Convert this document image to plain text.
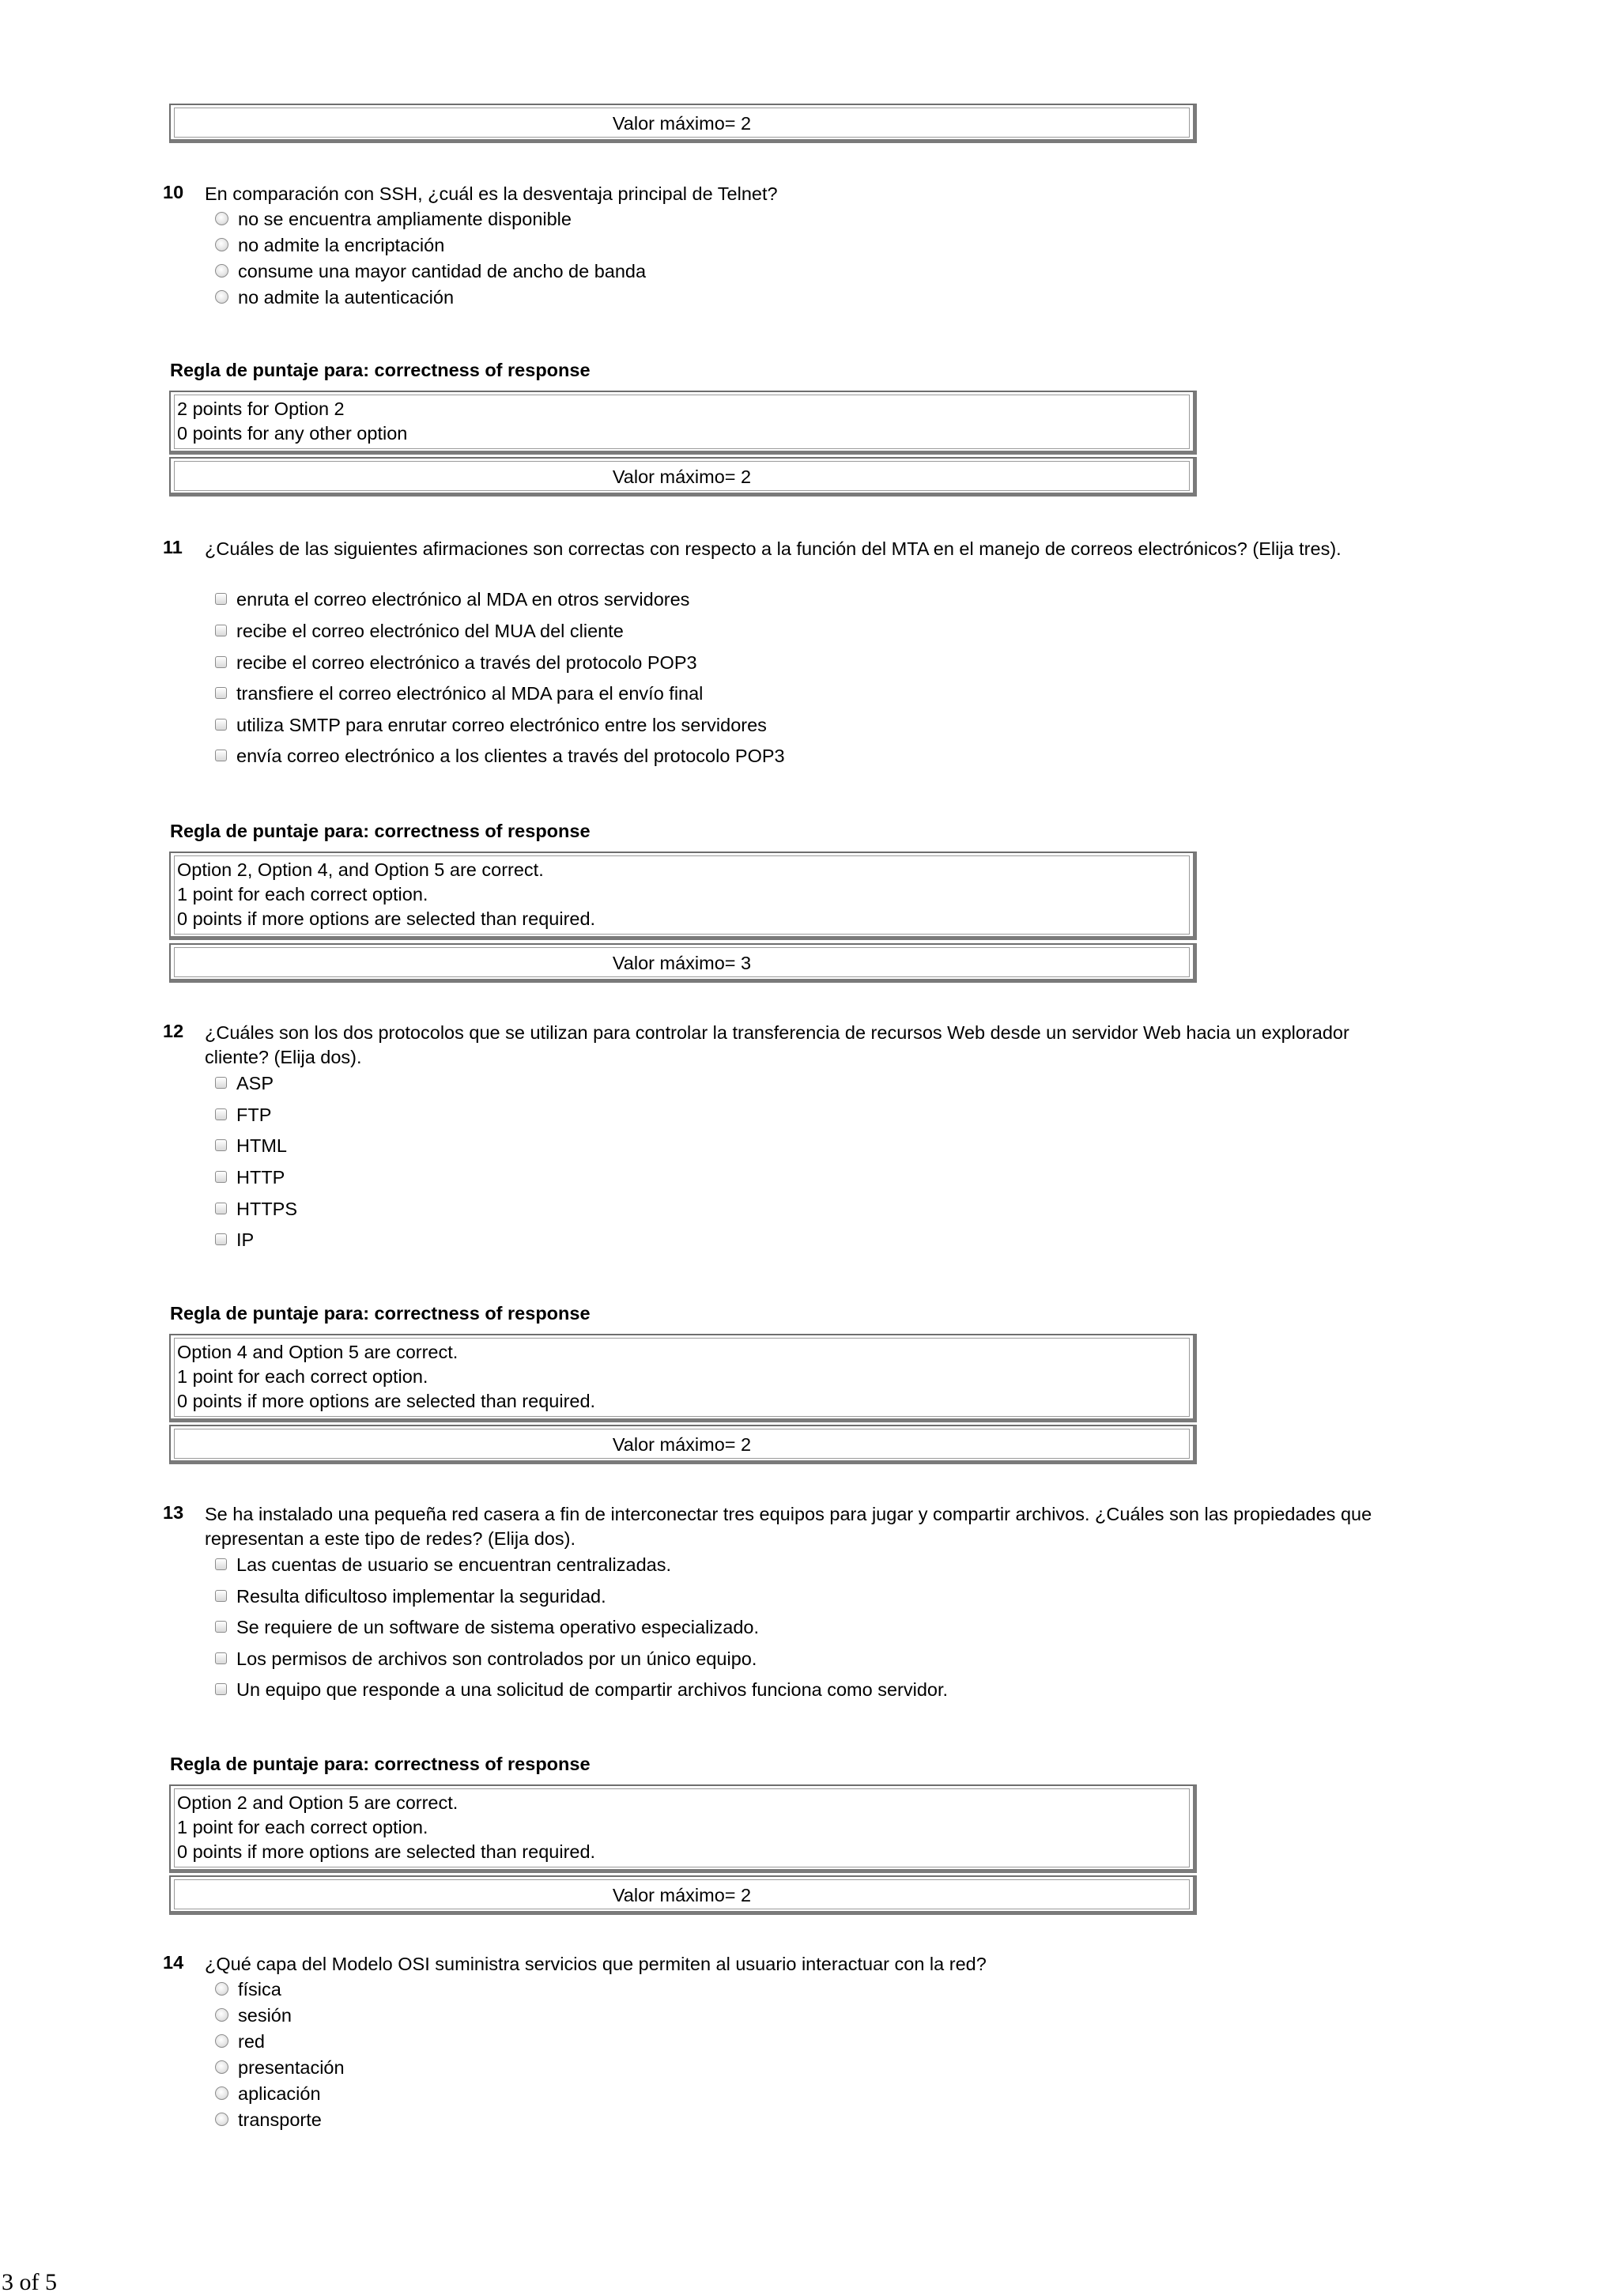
Valor máximo= 2
10	En comparación con SSH, ¿cuál es la desventaja principal de Telnet?
no se encuentra ampliamente disponible
no admite la encriptación
consume una mayor cantidad de ancho de banda
no admite la autenticación
Regla de puntaje para: correctness of response
2 points for Option 2
0 points for any other option
Valor máximo= 2
11	¿Cuáles de las siguientes afirmaciones son correctas con respecto a la función del MTA en el manejo de correos electrónicos? (Elija tres).
enruta el correo electrónico al MDA en otros servidores
recibe el correo electrónico del MUA del cliente
recibe el correo electrónico a través del protocolo POP3
transfiere el correo electrónico al MDA para el envío final
utiliza SMTP para enrutar correo electrónico entre los servidores
envía correo electrónico a los clientes a través del protocolo POP3
Regla de puntaje para: correctness of response
Option 2, Option 4, and Option 5 are correct.
1 point for each correct option.
0 points if more options are selected than required.
Valor máximo= 3
12	¿Cuáles son los dos protocolos que se utilizan para controlar la transferencia de recursos Web desde un servidor Web hacia un explorador cliente? (Elija dos).
ASP
FTP
HTML
HTTP
HTTPS
IP
Regla de puntaje para: correctness of response
Option 4 and Option 5 are correct.
1 point for each correct option.
0 points if more options are selected than required.
Valor máximo= 2
13	Se ha instalado una pequeña red casera a fin de interconectar tres equipos para jugar y compartir archivos. ¿Cuáles son las propiedades que representan a este tipo de redes? (Elija dos).
Las cuentas de usuario se encuentran centralizadas.
Resulta dificultoso implementar la seguridad.
Se requiere de un software de sistema operativo especializado.
Los permisos de archivos son controlados por un único equipo.
Un equipo que responde a una solicitud de compartir archivos funciona como servidor.
Regla de puntaje para: correctness of response
Option 2 and Option 5 are correct.
1 point for each correct option.
0 points if more options are selected than required.
Valor máximo= 2
14	¿Qué capa del Modelo OSI suministra servicios que permiten al usuario interactuar con la red?
física
sesión
red
presentación
aplicación
transporte
3 of 5
